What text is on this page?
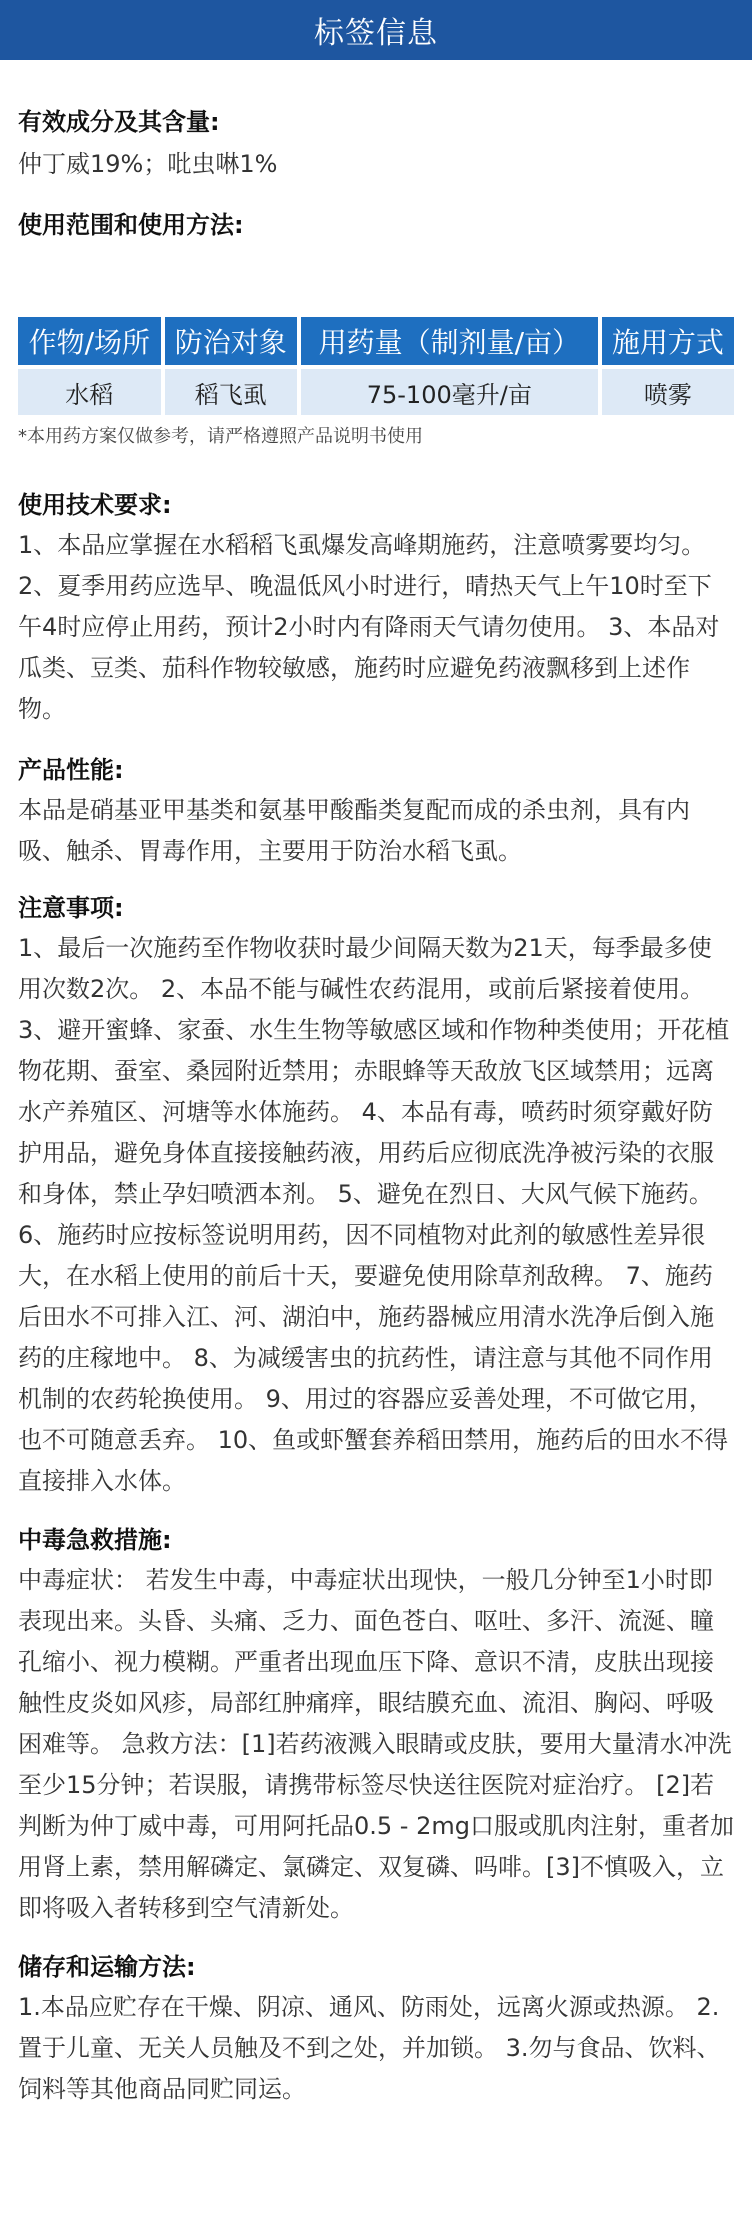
标签信息
有效成分及其含量:

仲丁威19%；吡虫啉1%

使用范围和使用方法:
作物/场所	防治对象	用药量（制剂量/亩）	施用方式
水稻	稻飞虱	75-100毫升/亩	喷雾

*本用药方案仅做参考，请严格遵照产品说明书使用

使用技术要求:

1、本品应掌握在水稻稻飞虱爆发高峰期施药，注意喷雾要均匀。 2、夏季用药应选早、晚温低风小时进行，晴热天气上午10时至下午4时应停止用药，预计2小时内有降雨天气请勿使用。 3、本品对瓜类、豆类、茄科作物较敏感，施药时应避免药液飘移到上述作物。

产品性能:

本品是硝基亚甲基类和氨基甲酸酯类复配而成的杀虫剂，具有内吸、触杀、胃毒作用，主要用于防治水稻飞虱。

注意事项:

1、最后一次施药至作物收获时最少间隔天数为21天，每季最多使用次数2次。 2、本品不能与碱性农药混用，或前后紧接着使用。 3、避开蜜蜂、家蚕、水生生物等敏感区域和作物种类使用；开花植物花期、蚕室、桑园附近禁用；赤眼蜂等天敌放飞区域禁用；远离水产养殖区、河塘等水体施药。 4、本品有毒，喷药时须穿戴好防护用品，避免身体直接接触药液，用药后应彻底洗净被污染的衣服和身体，禁止孕妇喷洒本剂。 5、避免在烈日、大风气候下施药。 6、施药时应按标签说明用药，因不同植物对此剂的敏感性差异很大，在水稻上使用的前后十天，要避免使用除草剂敌稗。 7、施药后田水不可排入江、河、湖泊中，施药器械应用清水洗净后倒入施药的庄稼地中。 8、为减缓害虫的抗药性，请注意与其他不同作用机制的农药轮换使用。 9、用过的容器应妥善处理，不可做它用，也不可随意丢弃。 10、鱼或虾蟹套养稻田禁用，施药后的田水不得直接排入水体。

中毒急救措施:

中毒症状： 若发生中毒，中毒症状出现快，一般几分钟至1小时即表现出来。头昏、头痛、乏力、面色苍白、呕吐、多汗、流涎、瞳孔缩小、视力模糊。严重者出现血压下降、意识不清，皮肤出现接触性皮炎如风疹，局部红肿痛痒，眼结膜充血、流泪、胸闷、呼吸困难等。 急救方法：[1]若药液溅入眼睛或皮肤，要用大量清水冲洗至少15分钟；若误服，请携带标签尽快送往医院对症治疗。 [2]若判断为仲丁威中毒，可用阿托品0.5 - 2mg口服或肌肉注射，重者加用肾上素，禁用解磷定、氯磷定、双复磷、吗啡。[3]不慎吸入，立即将吸入者转移到空气清新处。

储存和运输方法:

1.本品应贮存在干燥、阴凉、通风、防雨处，远离火源或热源。 2.置于儿童、无关人员触及不到之处，并加锁。 3.勿与食品、饮料、饲料等其他商品同贮同运。
